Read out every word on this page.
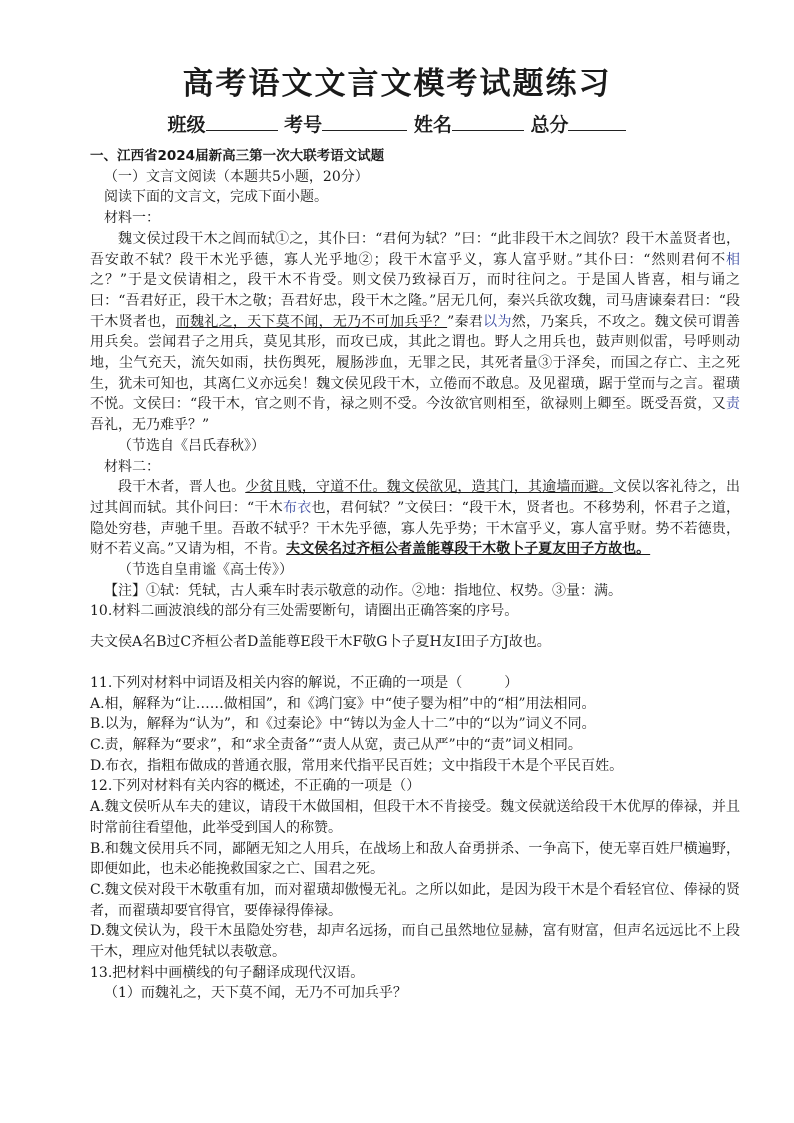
高考语文文言文模考试题练习
班级	考号	姓名	总分

一、江西省2024届新高三第一次大联考语文试题

（一）文言文阅读（本题共5小题，20分）

阅读下面的文言文，完成下面小题。

材料一：

魏文侯过段干木之闾而轼①之，其仆曰：“君何为轼？”曰：“此非段干木之闾欤？段干木盖贤者也，吾安敢不轼？段干木光乎德，寡人光乎地②；段干木富乎义，寡人富乎财。”其仆曰：“然则君何不相之？”于是文侯请相之，段干木不肯受。则文侯乃致禄百万，而时往问之。于是国人皆喜，相与诵之曰：“吾君好正，段干木之敬；吾君好忠，段干木之隆。”居无几何，秦兴兵欲攻魏，司马唐谏秦君曰：“段干木贤者也，而魏礼之，天下莫不闻，无乃不可加兵乎？”秦君以为然，乃案兵，不攻之。魏文侯可谓善用兵矣。尝闻君子之用兵，莫见其形，而攻已成，其此之谓也。野人之用兵也，鼓声则似雷，号呼则动地，尘气充天，流矢如雨，扶伤舆死，履肠涉血，无罪之民，其死者量③于泽矣，而国之存亡、主之死生，犹未可知也，其离仁义亦远矣！魏文侯见段干木，立倦而不敢息。及见翟璜，踞于堂而与之言。翟璜不悦。文侯曰：“段干木，官之则不肯，禄之则不受。今汝欲官则相至，欲禄则上卿至。既受吾赏，又责吾礼，无乃难乎？”

（节选自《吕氏春秋》）

材料二：

段干木者，晋人也。少贫且贱，守道不仕。魏文侯欲见，造其门，其逾墙而避。文侯以客礼待之，出过其闾而轼。其仆问曰：“干木布衣也，君何轼？”文侯曰：“段干木，贤者也。不移势利，怀君子之道，隐处穷巷，声驰千里。吾敢不轼乎？干木先乎德，寡人先乎势；干木富乎义，寡人富乎财。势不若德贵，财不若义高。”又请为相，不肯。夫文侯名过齐桓公者盖能尊段干木敬卜子夏友田子方故也。

（节选自皇甫谧《高士传》）

【注】①轼：凭轼，古人乘车时表示敬意的动作。②地：指地位、权势。③量：满。

10.材料二画波浪线的部分有三处需要断句，请圈出正确答案的序号。

夫文侯A名B过C齐桓公者D盖能尊E段干木F敬G卜子夏H友I田子方J故也。

11.下列对材料中词语及相关内容的解说，不正确的一项是（　　　）

A.相，解释为“让……做相国”，和《鸿门宴》中“使子婴为相”中的“相”用法相同。

B.以为，解释为“认为”，和《过秦论》中“铸以为金人十二”中的“以为”词义不同。

C.责，解释为“要求”，和“求全责备”“责人从宽，责己从严”中的“责”词义相同。

D.布衣，指粗布做成的普通衣服，常用来代指平民百姓；文中指段干木是个平民百姓。

12.下列对材料有关内容的概述，不正确的一项是（）

A.魏文侯听从车夫的建议，请段干木做国相，但段干木不肯接受。魏文侯就送给段干木优厚的俸禄，并且时常前往看望他，此举受到国人的称赞。

B.和魏文侯用兵不同，鄙陋无知之人用兵，在战场上和敌人奋勇拼杀、一争高下，使无辜百姓尸横遍野，即便如此，也未必能挽救国家之亡、国君之死。

C.魏文侯对段干木敬重有加，而对翟璜却傲慢无礼。之所以如此，是因为段干木是个看轻官位、俸禄的贤者，而翟璜却要官得官，要俸禄得俸禄。

D.魏文侯认为，段干木虽隐处穷巷，却声名远扬，而自己虽然地位显赫，富有财富，但声名远远比不上段干木，理应对他凭轼以表敬意。

13.把材料中画横线的句子翻译成现代汉语。

（1）而魏礼之，天下莫不闻，无乃不可加兵乎？
